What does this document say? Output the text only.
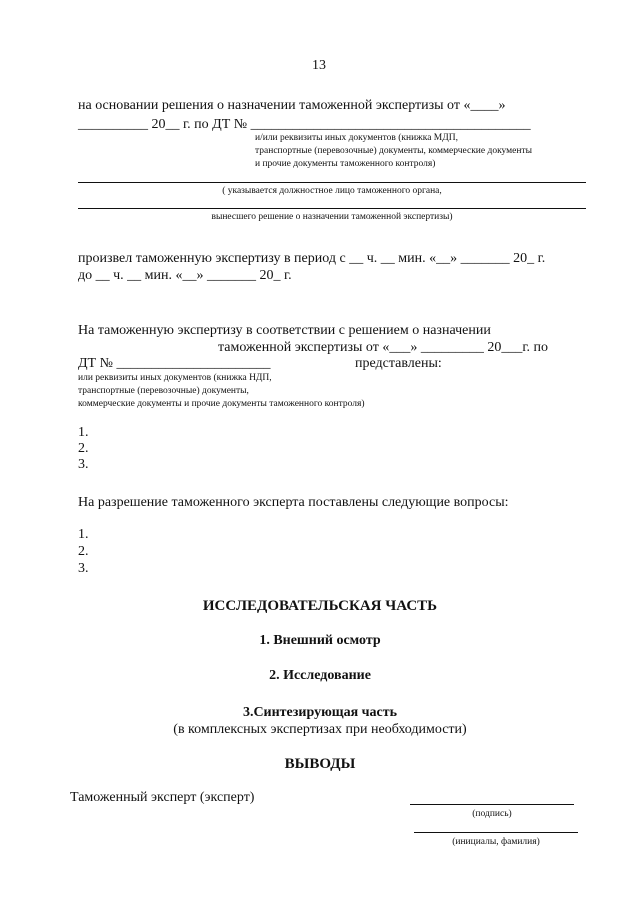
13
на основании решения о назначении таможенной экспертизы от «____»
__________ 20__ г. по ДТ № ________________________________________
и/или реквизиты иных документов (книжка МДП,
транспортные (перевозочные) документы, коммерческие документы
и прочие документы таможенного контроля)
( указывается должностное лицо таможенного органа,
вынесшего решение о назначении таможенной экспертизы)
произвел таможенную экспертизу в период с __ ч. __ мин. «__» _______ 20_ г.
до __ ч. __ мин. «__» _______ 20_ г.
На таможенную экспертизу в соответствии с решением о назначении
таможенной экспертизы от «___» _________ 20___г. по
ДТ № ______________________	представлены:
или реквизиты иных документов (книжка НДП,
транспортные (перевозочные) документы,
коммерческие документы и прочие документы таможенного контроля)
1.
2.
3.
На разрешение таможенного эксперта поставлены следующие вопросы:
1.
2.
3.
ИССЛЕДОВАТЕЛЬСКАЯ ЧАСТЬ
1. Внешний осмотр
2. Исследование
3.Синтезирующая часть
(в комплексных экспертизах при необходимости)
ВЫВОДЫ
Таможенный эксперт (эксперт)
(подпись)
(инициалы, фамилия)
